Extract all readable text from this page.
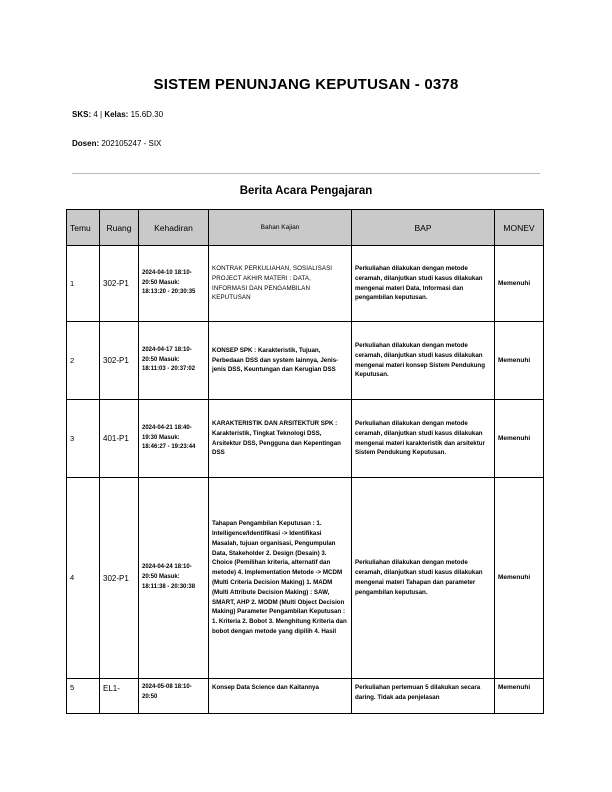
SISTEM PENUNJANG KEPUTUSAN - 0378
SKS: 4 | Kelas: 15.6D.30
Dosen: 202105247 - SIX
Berita Acara Pengajaran
Temu	Ruang	Kehadiran	Bahan Kajian	BAP	MONEV
1	302-P1	2024-04-10 18:10-20:50 Masuk: 18:13:20 - 20:30:35	KONTRAK PERKULIAHAN, SOSIALISASI PROJECT AKHIR MATERI : DATA, INFORMASI DAN PENGAMBILAN KEPUTUSAN	Perkuliahan dilakukan dengan metode ceramah, dilanjutkan studi kasus dilakukan mengenai materi Data, Informasi dan pengambilan keputusan.	Memenuhi
2	302-P1	2024-04-17 18:10-20:50 Masuk: 18:11:03 - 20:37:02	KONSEP SPK : Karakteristik, Tujuan, Perbedaan DSS dan system lainnya, Jenis-jenis DSS, Keuntungan dan Kerugian DSS	Perkuliahan dilakukan dengan metode ceramah, dilanjutkan studi kasus dilakukan mengenai materi konsep Sistem Pendukung Keputusan.	Memenuhi
3	401-P1	2024-04-21 18:40-19:30 Masuk: 18:46:27 - 19:23:44	KARAKTERISTIK DAN ARSITEKTUR SPK : Karakteristik, Tingkat Teknologi DSS, Arsitektur DSS, Pengguna dan Kepentingan DSS	Perkuliahan dilakukan dengan metode ceramah, dilanjutkan studi kasus dilakukan mengenai materi karakteristik dan arsitektur Sistem Pendukung Keputusan.	Memenuhi
4	302-P1	2024-04-24 18:10-20:50 Masuk: 18:11:38 - 20:30:38	Tahapan Pengambilan Keputusan : 1. Intelligence/Identifikasi -> Identifikasi Masalah, tujuan organisasi, Pengumpulan Data, Stakeholder 2. Design (Desain) 3. Choice (Pemilihan kriteria, alternatif dan metode) 4. Implementation Metode -> MCDM (Multi Criteria Decision Making) 1. MADM (Multi Attribute Decision Making) : SAW, SMART, AHP 2. MODM (Multi Object Decision Making) Parameter Pengambilan Keputusan : 1. Kriteria 2. Bobot 3. Menghitung Kriteria dan bobot dengan metode yang dipilih 4. Hasil	Perkuliahan dilakukan dengan metode ceramah, dilanjutkan studi kasus dilakukan mengenai materi Tahapan dan parameter pengambilan keputusan.	Memenuhi
5	EL1-	2024-05-08 18:10-20:50	Konsep Data Science dan Kaitannya	Perkuliahan pertemuan 5 dilakukan secara daring. Tidak ada penjelasan	Memenuhi
